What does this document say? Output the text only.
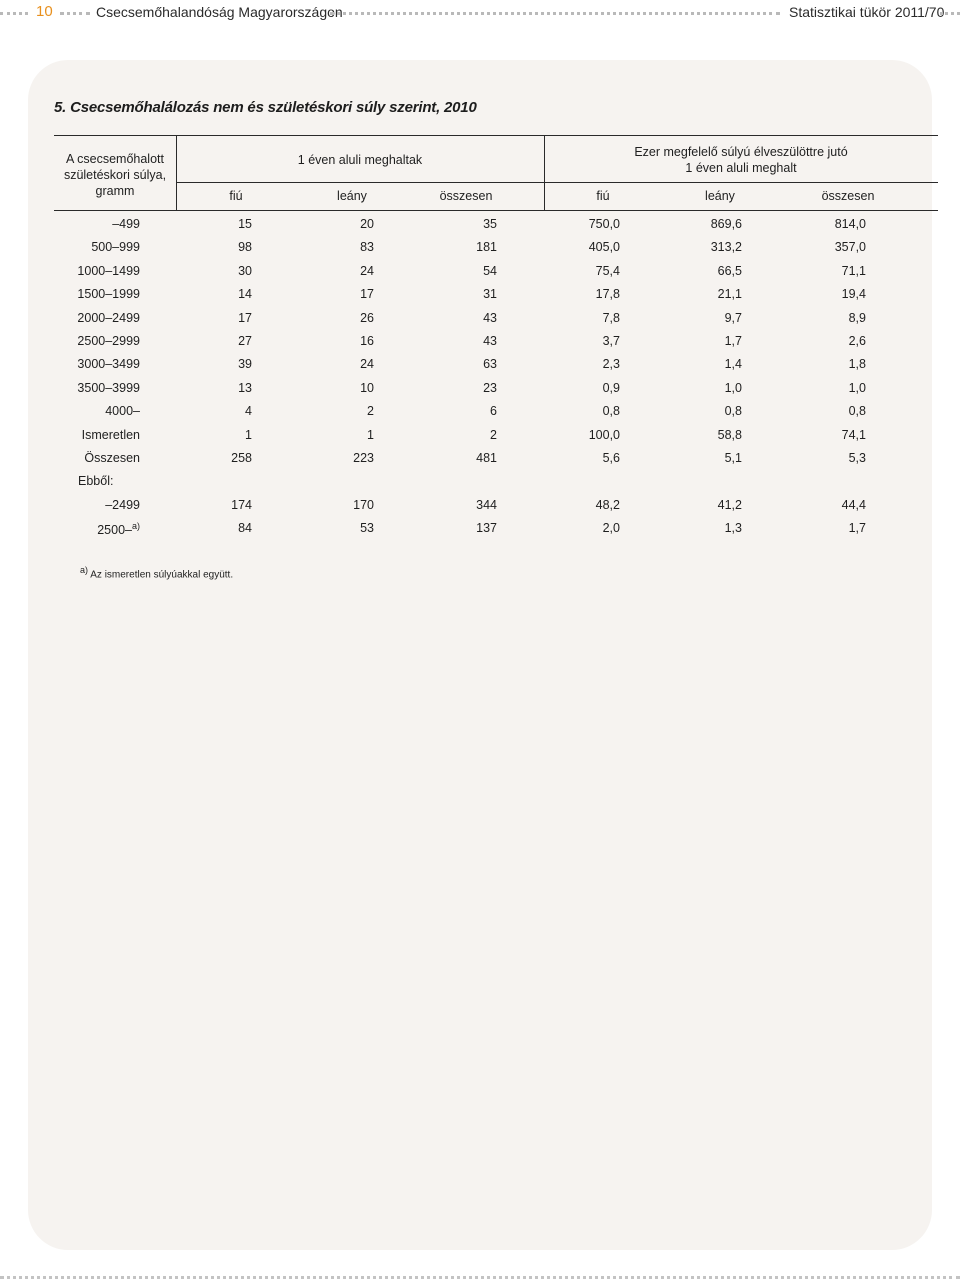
10	Csecsemőhalandóság Magyarországon	Statisztikai tükör 2011/70
5. Csecsemőhalálozás nem és születéskori súly szerint, 2010
A csecsemőhalott
születéskori súlya,
gramm
1 éven aluli meghaltak
Ezer megfelelő súlyú élveszülöttre jutó
1 éven aluli meghalt
fiú	leány	összesen	fiú	leány	összesen
–499	15	20	35	750,0	869,6	814,0
500–999	98	83	181	405,0	313,2	357,0
1000–1499	30	24	54	75,4	66,5	71,1
1500–1999	14	17	31	17,8	21,1	19,4
2000–2499	17	26	43	7,8	9,7	8,9
2500–2999	27	16	43	3,7	1,7	2,6
3000–3499	39	24	63	2,3	1,4	1,8
3500–3999	13	10	23	0,9	1,0	1,0
4000–	4	2	6	0,8	0,8	0,8
Ismeretlen	1	1	2	100,0	58,8	74,1
Összesen	258	223	481	5,6	5,1	5,3
Ebből:
–2499	174	170	344	48,2	41,2	44,4
2500–$^{a)}$	84	53	137	2,0	1,3	1,7
$^{a)}$ Az ismeretlen súlyúakkal együtt.
